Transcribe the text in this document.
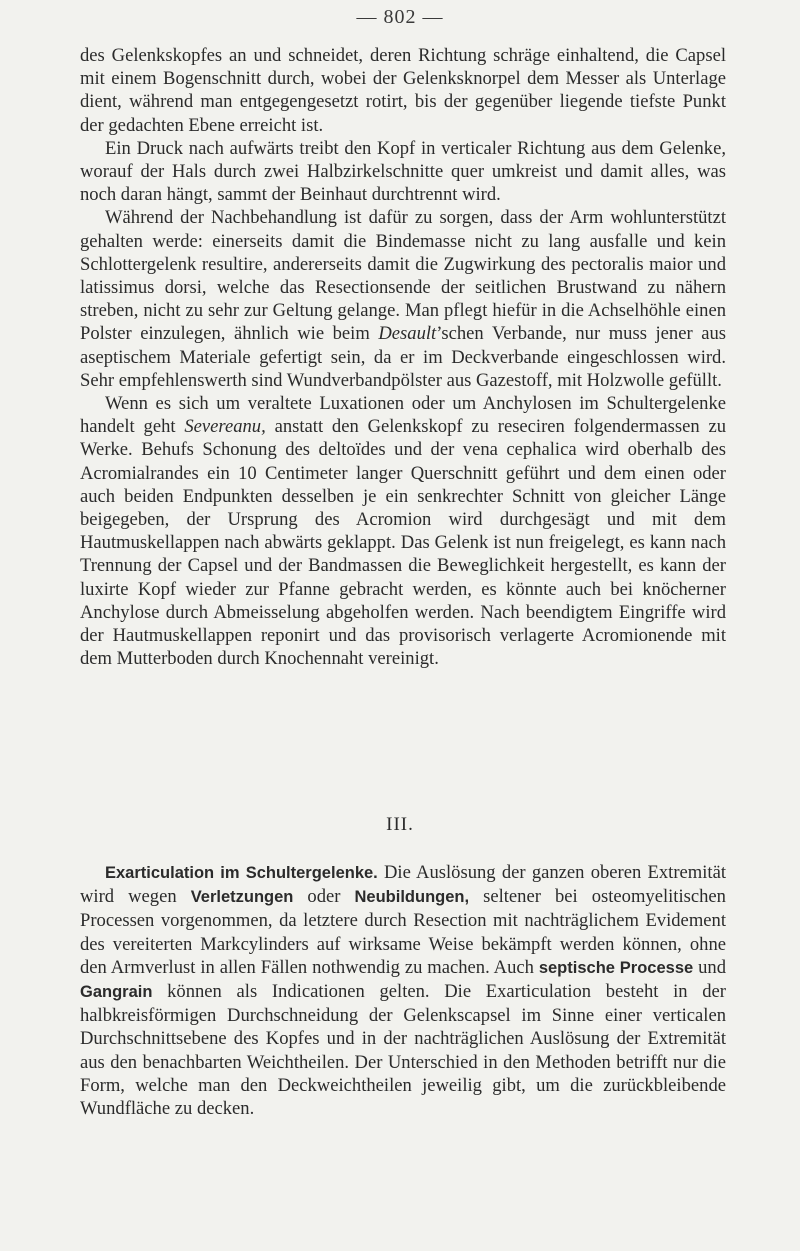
— 802 —

des Gelenkskopfes an und schneidet, deren Richtung schräge einhaltend, die Capsel mit einem Bogenschnitt durch, wobei der Gelenksknorpel dem Messer als Unterlage dient, während man entgegengesetzt rotirt, bis der gegenüber liegende tiefste Punkt der gedachten Ebene erreicht ist.

Ein Druck nach aufwärts treibt den Kopf in verticaler Richtung aus dem Gelenke, worauf der Hals durch zwei Halbzirkelschnitte quer umkreist und damit alles, was noch daran hängt, sammt der Beinhaut durchtrennt wird.

Während der Nachbehandlung ist dafür zu sorgen, dass der Arm wohlunterstützt gehalten werde: einerseits damit die Bindemasse nicht zu lang ausfalle und kein Schlottergelenk resultire, andererseits damit die Zugwirkung des pectoralis maior und latissimus dorsi, welche das Resectionsende der seitlichen Brustwand zu nähern streben, nicht zu sehr zur Geltung gelange. Man pflegt hiefür in die Achselhöhle einen Polster einzulegen, ähnlich wie beim Desault’schen Verbande, nur muss jener aus aseptischem Materiale gefertigt sein, da er im Deckverbande eingeschlossen wird. Sehr empfehlenswerth sind Wundverbandpölster aus Gazestoff, mit Holzwolle gefüllt.

Wenn es sich um veraltete Luxationen oder um Anchylosen im Schultergelenke handelt geht Severeanu, anstatt den Gelenkskopf zu reseciren folgendermassen zu Werke. Behufs Schonung des deltoïdes und der vena cephalica wird oberhalb des Acromialrandes ein 10 Centimeter langer Querschnitt geführt und dem einen oder auch beiden Endpunkten desselben je ein senkrechter Schnitt von gleicher Länge beigegeben, der Ursprung des Acromion wird durchgesägt und mit dem Hautmuskellappen nach abwärts geklappt. Das Gelenk ist nun freigelegt, es kann nach Trennung der Capsel und der Bandmassen die Beweglichkeit hergestellt, es kann der luxirte Kopf wieder zur Pfanne gebracht werden, es könnte auch bei knöcherner Anchylose durch Abmeisselung abgeholfen werden. Nach beendigtem Eingriffe wird der Hautmuskellappen reponirt und das provisorisch verlagerte Acromionende mit dem Mutterboden durch Knochennaht vereinigt.

III.

Exarticulation im Schultergelenke. Die Auslösung der ganzen oberen Extremität wird wegen Verletzungen oder Neubildungen, seltener bei osteomyelitischen Processen vorgenommen, da letztere durch Resection mit nachträglichem Evidement des vereiterten Markcylinders auf wirksame Weise bekämpft werden können, ohne den Armverlust in allen Fällen nothwendig zu machen. Auch septische Processe und Gangrain können als Indicationen gelten. Die Exarticulation besteht in der halbkreisförmigen Durchschneidung der Gelenkscapsel im Sinne einer verticalen Durchschnittsebene des Kopfes und in der nachträglichen Auslösung der Extremität aus den benachbarten Weichtheilen. Der Unterschied in den Methoden betrifft nur die Form, welche man den Deckweichtheilen jeweilig gibt, um die zurückbleibende Wundfläche zu decken.
